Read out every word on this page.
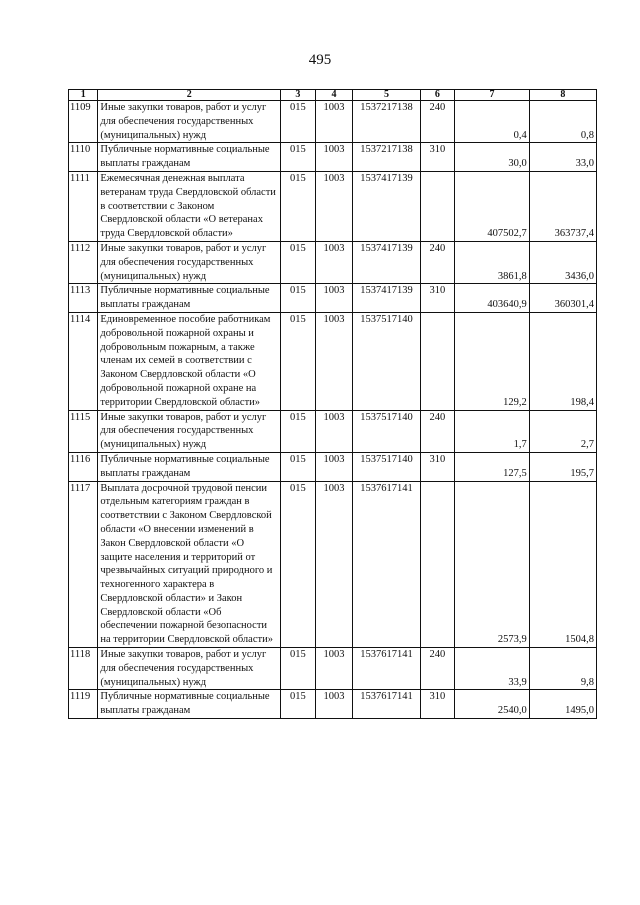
495
1	2	3	4	5	6	7	8
1109	Иные закупки товаров, работ и услуг для обеспечения государственных (муниципальных) нужд	015	1003	1537217138	240	0,4	0,8
1110	Публичные нормативные социальные выплаты гражданам	015	1003	1537217138	310	30,0	33,0
1111	Ежемесячная денежная выплата ветеранам труда Свердловской области в соответствии с Законом Свердловской области «О ветеранах труда Свердловской области»	015	1003	1537417139		407502,7	363737,4
1112	Иные закупки товаров, работ и услуг для обеспечения государственных (муниципальных) нужд	015	1003	1537417139	240	3861,8	3436,0
1113	Публичные нормативные социальные выплаты гражданам	015	1003	1537417139	310	403640,9	360301,4
1114	Единовременное пособие работникам добровольной пожарной охраны и добровольным пожарным, а также членам их семей в соответствии с Законом Свердловской области «О добровольной пожарной охране на территории Свердловской области»	015	1003	1537517140		129,2	198,4
1115	Иные закупки товаров, работ и услуг для обеспечения государственных (муниципальных) нужд	015	1003	1537517140	240	1,7	2,7
1116	Публичные нормативные социальные выплаты гражданам	015	1003	1537517140	310	127,5	195,7
1117	Выплата досрочной трудовой пенсии отдельным категориям граждан в соответствии с Законом Свердловской области «О внесении изменений в Закон Свердловской области «О защите населения и территорий от чрезвычайных ситуаций природного и техногенного характера в Свердловской области» и Закон Свердловской области «Об обеспечении пожарной безопасности на территории Свердловской области»	015	1003	1537617141		2573,9	1504,8
1118	Иные закупки товаров, работ и услуг для обеспечения государственных (муниципальных) нужд	015	1003	1537617141	240	33,9	9,8
1119	Публичные нормативные социальные выплаты гражданам	015	1003	1537617141	310	2540,0	1495,0
